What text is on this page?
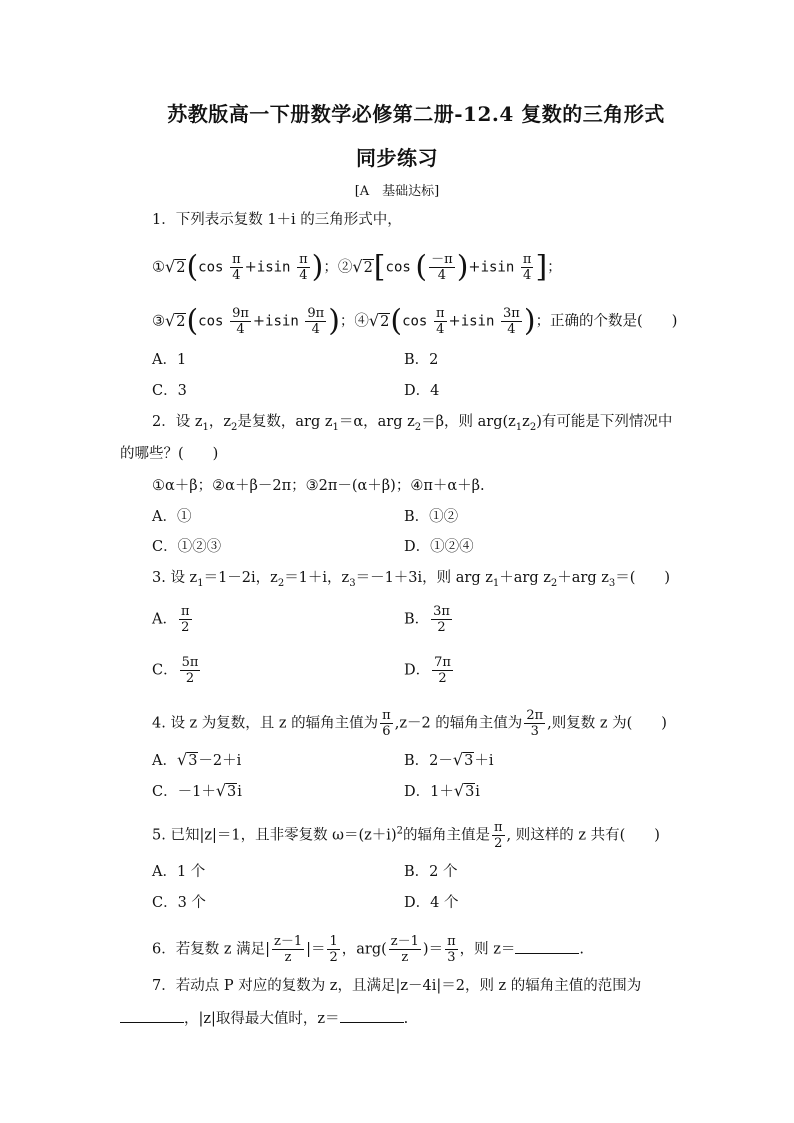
苏教版高一下册数学必修第二册-12.4 复数的三角形式
同步练习
[A　基础达标]
1．下列表示复数 1＋i 的三角形式中，
①√2(cos $\frac{\pi}{4} +isin \frac{\pi}{4}$ )；②√2[cos ( $\frac{-\pi}{4} )+isin \frac{\pi}{4}$ ]；
③√2(cos $\frac{9\pi}{4} +isin \frac{9\pi}{4}$ )；④√2(cos $\frac{\pi}{4} +isin \frac{3\pi}{4}$ )；正确的个数是(　　)
A．1	B．2
C．3	D．4
2．设 $z_1$，$z_2$是复数，arg $z_1=\alpha$，arg $z_2=\beta$，则 $arg(z_1z_2)$有可能是下列情况中
的哪些？(　　)
①α＋β；②α＋β－2π；③2π－(α＋β)；④π＋α＋β.
A．①	B．①②
C．①②③	D．①②④
3. 设 $z_1=1-2i$，$z_2=1+i$，$z_3=-1+3i$，则 arg $z_1+arg$ $z_2+arg$ $z_3=$(　　)
A． $\frac{\pi}{2}$	B． $\frac{3\pi}{2}$
C． $\frac{5\pi}{2}$	D． $\frac{7\pi}{2}$
4. 设 z 为复数，且 z 的辐角主值为 $\frac{\pi}{6} ,z-2$ 的辐角主值为 $\frac{2\pi}{3}$ ,则复数 z 为(　　)
A．√3－2＋i	B．2－√3＋i
C．－1＋√3i	D．1＋√3i
5. 已知|z|＝1，且非零复数 $\omega=(z+i)^2$的辐角主值是 $\frac{\pi}{2}$ , 则这样的 z 共有(　　)
A．1 个	B．2 个
C．3 个	D．4 个
6．若复数 z 满足| $\frac{z-1}{z}$ |＝ $\frac{1}{2}$ ，$arg( \frac{z-1}{z}$ )＝ $\frac{\pi}{3}$ ，则 z＝	.
7．若动点 P 对应的复数为 z，且满足|z－4i|＝2，则 z 的辐角主值的范围为
，|z|取得最大值时，z＝	.
